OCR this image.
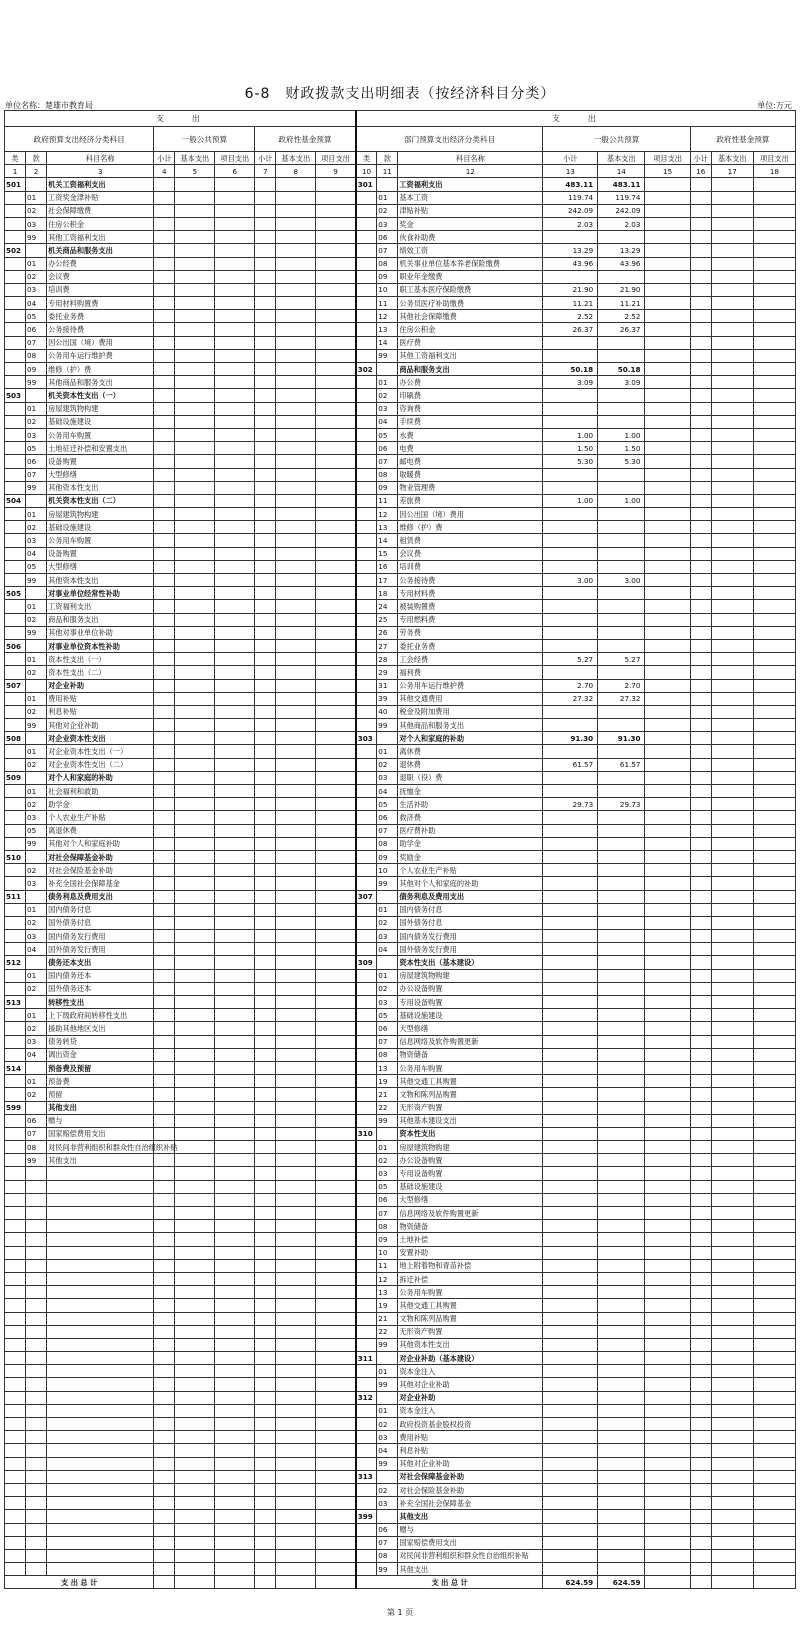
6-8　财政拨款支出明细表（按经济科目分类）
单位名称：楚雄市教育局	单位:万元
支　　出									支　　出								
政府预算支出经济分类科目			一般公共预算			政府性基金预算			部门预算支出经济分类科目			一般公共预算			政府性基金预算		
类	款	科目名称	小计	基本支出	项目支出	小计	基本支出	项目支出	类	款	科目名称	小计	基本支出	项目支出	小计	基本支出	项目支出
1	2	3	4	5	6	7	8	9	10	11	12	13	14	15	16	17	18
501		机关工资福利支出							301		工资福利支出	483.11	483.11				
	01	工资奖金津补贴								01	基本工资	119.74	119.74				
	02	社会保障缴费								02	津贴补贴	242.09	242.09				
	03	住房公积金								03	奖金	2.03	2.03				
	99	其他工资福利支出								06	伙食补助费						
502		机关商品和服务支出								07	绩效工资	13.29	13.29				
	01	办公经费								08	机关事业单位基本养老保险缴费	43.96	43.96				
	02	会议费								09	职业年金缴费						
	03	培训费								10	职工基本医疗保险缴费	21.90	21.90				
	04	专用材料购置费								11	公务员医疗补助缴费	11.21	11.21				
	05	委托业务费								12	其他社会保障缴费	2.52	2.52				
	06	公务接待费								13	住房公积金	26.37	26.37				
	07	因公出国（境）费用								14	医疗费						
	08	公务用车运行维护费								99	其他工资福利支出						
	09	维修（护）费							302		商品和服务支出	50.18	50.18				
	99	其他商品和服务支出								01	办公费	3.09	3.09				
503		机关资本性支出（一）								02	印刷费						
	01	房屋建筑物构建								03	咨询费						
	02	基础设施建设								04	手续费						
	03	公务用车购置								05	水费	1.00	1.00				
	05	土地征迁补偿和安置支出								06	电费	1.50	1.50				
	06	设备购置								07	邮电费	5.30	5.30				
	07	大型修缮								08	取暖费						
	99	其他资本性支出								09	物业管理费						
504		机关资本性支出（二）								11	差旅费	1.00	1.00				
	01	房屋建筑物构建								12	因公出国（境）费用						
	02	基础设施建设								13	维修（护）费						
	03	公务用车购置								14	租赁费						
	04	设备购置								15	会议费						
	05	大型修缮								16	培训费						
	99	其他资本性支出								17	公务接待费	3.00	3.00				
505		对事业单位经常性补助								18	专用材料费						
	01	工资福利支出								24	被装购置费						
	02	商品和服务支出								25	专用燃料费						
	99	其他对事业单位补助								26	劳务费						
506		对事业单位资本性补助								27	委托业务费						
	01	资本性支出（一）								28	工会经费	5.27	5.27				
	02	资本性支出（二）								29	福利费						
507		对企业补助								31	公务用车运行维护费	2.70	2.70				
	01	费用补贴								39	其他交通费用	27.32	27.32				
	02	利息补贴								40	税金及附加费用						
	99	其他对企业补助								99	其他商品和服务支出						
508		对企业资本性支出							303		对个人和家庭的补助	91.30	91.30				
	01	对企业资本性支出（一）								01	离休费						
	02	对企业资本性支出（二）								02	退休费	61.57	61.57				
509		对个人和家庭的补助								03	退职（役）费						
	01	社会福利和救助								04	抚恤金						
	02	助学金								05	生活补助	29.73	29.73				
	03	个人农业生产补贴								06	救济费						
	05	离退休费								07	医疗费补助						
	99	其他对个人和家庭补助								08	助学金						
510		对社会保障基金补助								09	奖励金						
	02	对社会保险基金补助								10	个人农业生产补贴						
	03	补充全国社会保障基金								99	其他对个人和家庭的补助						
511		债务利息及费用支出							307		债务利息及费用支出						
	01	国内债务付息								01	国内债务付息						
	02	国外债务付息								02	国外债务付息						
	03	国内债务发行费用								03	国内债务发行费用						
	04	国外债务发行费用								04	国外债务发行费用						
512		债务还本支出							309		资本性支出（基本建设）						
	01	国内债务还本								01	房屋建筑物购建						
	02	国外债务还本								02	办公设备购置						
513		转移性支出								03	专用设备购置						
	01	上下级政府间转移性支出								05	基础设施建设						
	02	援助其他地区支出								06	大型修缮						
	03	债务转贷								07	信息网络及软件购置更新						
	04	调出资金								08	物资储备						
514		预备费及预留								13	公务用车购置						
	01	预备费								19	其他交通工具购置						
	02	预留								21	文物和陈列品购置						
599		其他支出								22	无形资产购置						
	06	赠与								99	其他基本建设支出						
	07	国家赔偿费用支出							310		资本性支出						
	08	对民间非营利组织和群众性自治组织补贴								01	房屋建筑物购建						
	99	其他支出								02	办公设备购置						
										03	专用设备购置						
										05	基础设施建设						
										06	大型修缮						
										07	信息网络及软件购置更新						
										08	物资储备						
										09	土地补偿						
										10	安置补助						
										11	地上附着物和青苗补偿						
										12	拆迁补偿						
										13	公务用车购置						
										19	其他交通工具购置						
										21	文物和陈列品购置						
										22	无形资产购置						
										99	其他资本性支出						
									311		对企业补助（基本建设）						
										01	资本金注入						
										99	其他对企业补助						
									312		对企业补助						
										01	资本金注入						
										02	政府投资基金股权投资						
										03	费用补贴						
										04	利息补贴						
										99	其他对企业补助						
									313		对社会保障基金补助						
										02	对社会保险基金补助						
										03	补充全国社会保障基金						
									399		其他支出						
										06	赠与						
										07	国家赔偿费用支出						
										08	对民间非营利组织和群众性自治组织补贴						
										99	其他支出						
支 出 总 计									支 出 总 计			624.59	624.59				
第 1 页
